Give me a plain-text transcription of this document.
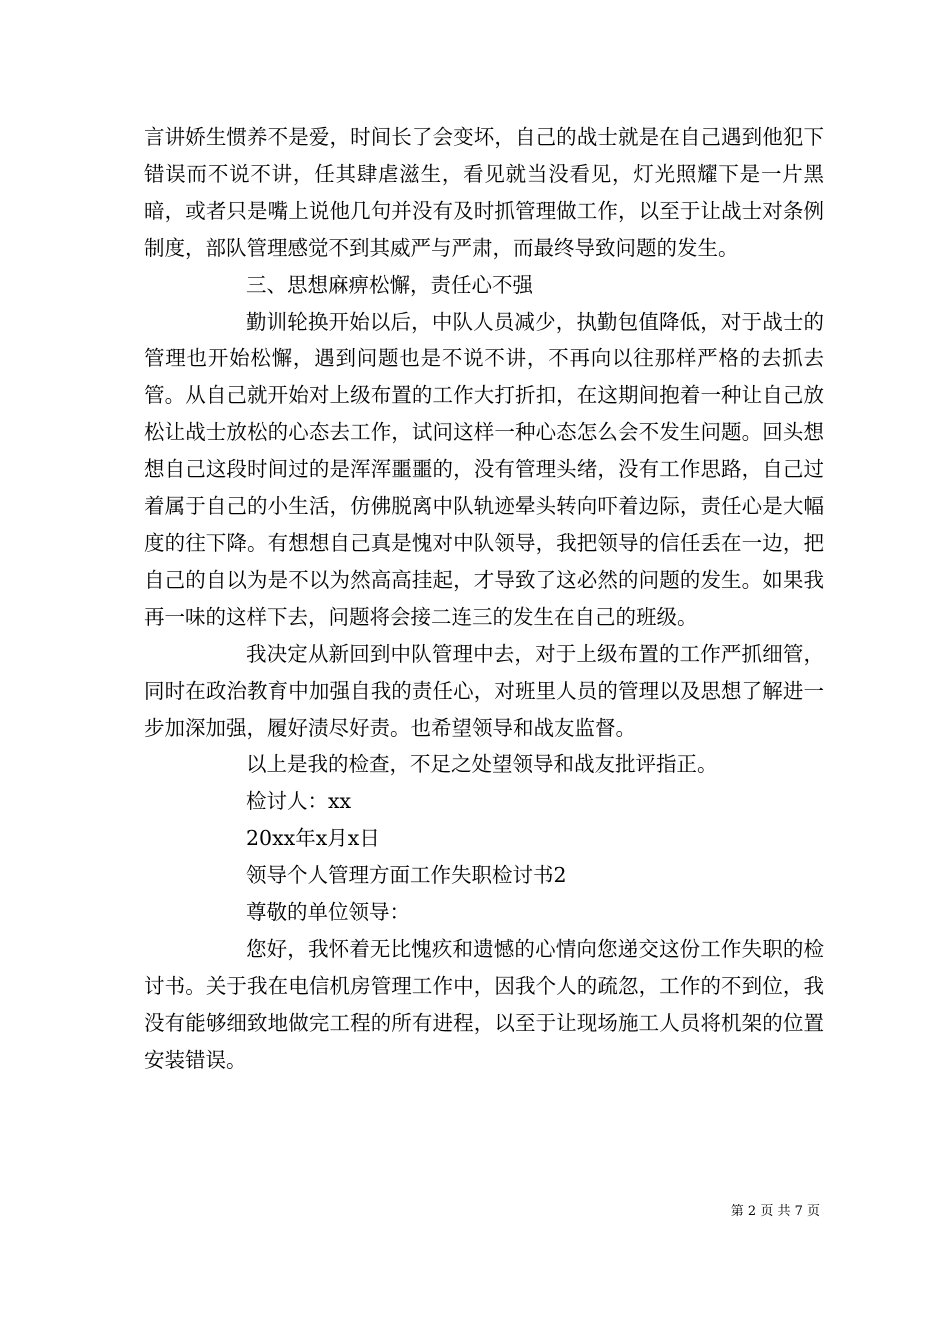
言讲娇生惯养不是爱，时间长了会变坏，自己的战士就是在自己遇到他犯下错误而不说不讲，任其肆虐滋生，看见就当没看见，灯光照耀下是一片黑暗，或者只是嘴上说他几句并没有及时抓管理做工作，以至于让战士对条例制度，部队管理感觉不到其威严与严肃，而最终导致问题的发生。

三、思想麻痹松懈，责任心不强

勤训轮换开始以后，中队人员减少，执勤包值降低，对于战士的管理也开始松懈，遇到问题也是不说不讲，不再向以往那样严格的去抓去管。从自己就开始对上级布置的工作大打折扣，在这期间抱着一种让自己放松让战士放松的心态去工作，试问这样一种心态怎么会不发生问题。回头想想自己这段时间过的是浑浑噩噩的，没有管理头绪，没有工作思路，自己过着属于自己的小生活，仿佛脱离中队轨迹晕头转向吓着边际，责任心是大幅度的往下降。有想想自己真是愧对中队领导，我把领导的信任丢在一边，把自己的自以为是不以为然高高挂起，才导致了这必然的问题的发生。如果我再一味的这样下去，问题将会接二连三的发生在自己的班级。

我决定从新回到中队管理中去，对于上级布置的工作严抓细管，同时在政治教育中加强自我的责任心，对班里人员的管理以及思想了解进一步加深加强，履好渍尽好责。也希望领导和战友监督。

以上是我的检查，不足之处望领导和战友批评指正。

检讨人：xx

20xx年x月x日

领导个人管理方面工作失职检讨书2

尊敬的单位领导：

您好，我怀着无比愧疚和遗憾的心情向您递交这份工作失职的检讨书。关于我在电信机房管理工作中，因我个人的疏忽，工作的不到位，我没有能够细致地做完工程的所有进程，以至于让现场施工人员将机架的位置安装错误。

第 2 页 共 7 页
